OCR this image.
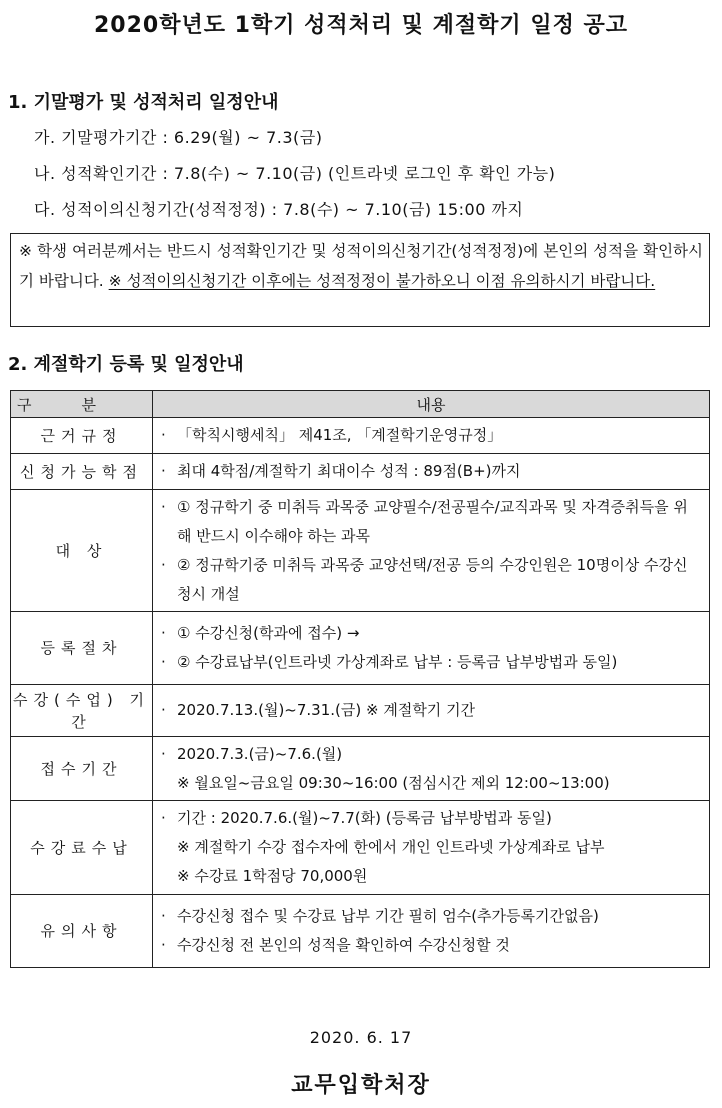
2020학년도 1학기 성적처리 및 계절학기 일정 공고
1. 기말평가 및 성적처리 일정안내
가. 기말평가기간 : 6.29(월) ~ 7.3(금)
나. 성적확인기간 : 7.8(수) ~ 7.10(금) (인트라넷 로그인 후 확인 가능)
다. 성적이의신청기간(성적정정) : 7.8(수) ~ 7.10(금) 15:00 까지
※ 학생 여러분께서는 반드시 성적확인기간 및 성적이의신청기간(성적정정)에 본인의 성적을 확인하시기 바랍니다. ※ 성적이의신청기간 이후에는 성적정정이 불가하오니 이점 유의하시기 바랍니다.
2. 계절학기 등록 및 일정안내
구분	내용
근거규정	· 「학칙시행세칙」 제41조, 「계절학기운영규정」

신청가능학점	· 최대 4학점/계절학기 최대이수 성적 : 89점(B+)까지

대 상	· ① 정규학기 중 미취득 과목중 교양필수/전공필수/교직과목 및 자격증취득을 위해 반드시 이수해야 하는 과목
· ② 정규학기중 미취득 과목중 교양선택/전공 등의 수강인원은 10명이상 수강신청시 개설

등록절차	· ① 수강신청(학과에 접수) →
· ② 수강료납부(인트라넷 가상계좌로 납부 : 등록금 납부방법과 동일)

수강(수업) 기 간	· 2020.7.13.(월)~7.31.(금) ※ 계절학기 기간

접수기간	· 2020.7.3.(금)~7.6.(월)
※ 월요일~금요일 09:30~16:00 (점심시간 제외 12:00~13:00)

수강료수납	· 기간 : 2020.7.6.(월)~7.7(화) (등록금 납부방법과 동일)
※ 계절학기 수강 접수자에 한에서 개인 인트라넷 가상계좌로 납부
※ 수강료 1학점당 70,000원

유의사항	· 수강신청 접수 및 수강료 납부 기간 필히 엄수(추가등록기간없음)
· 수강신청 전 본인의 성적을 확인하여 수강신청할 것
2020. 6. 17
교무입학처장
